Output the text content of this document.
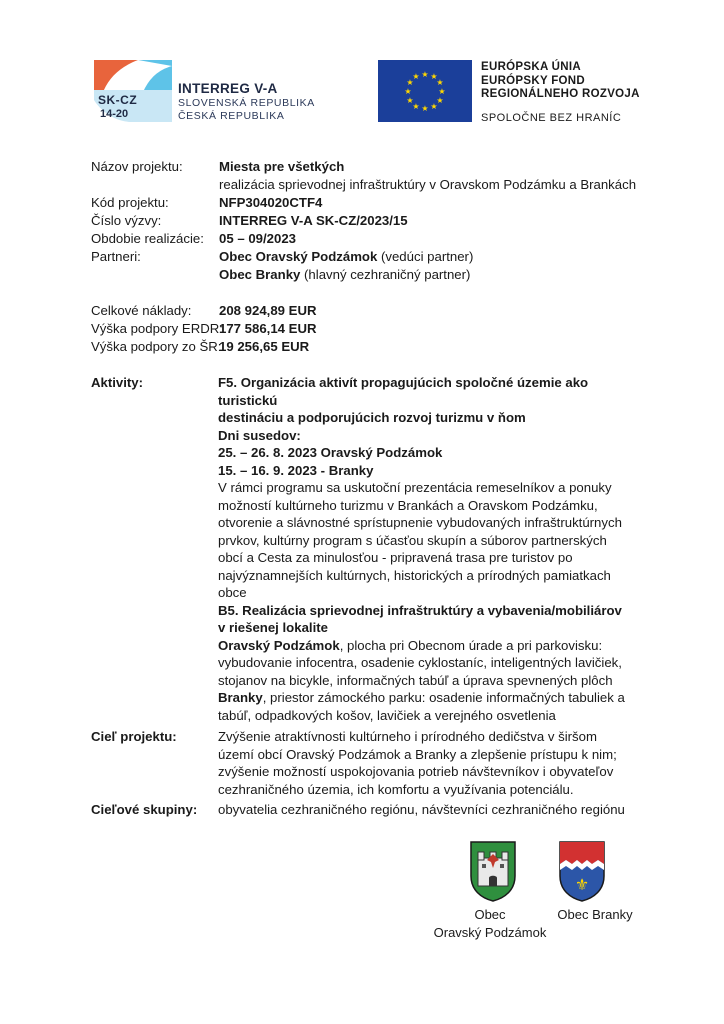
SK-CZ
14-20
INTERREG V-A
SLOVENSKÁ REPUBLIKA
ČESKÁ REPUBLIKA
★ ★
★
★
★
★
★
★
★
★
★
★
EURÓPSKA ÚNIA
EURÓPSKY FOND
REGIONÁLNEHO ROZVOJA
SPOLOČNE BEZ HRANÍC
Názov projektu:	Miesta pre všetkých
realizácia sprievodnej infraštruktúry v Oravskom Podzámku a Brankách
Kód projektu:	NFP304020CTF4
Číslo výzvy:	INTERREG V-A SK-CZ/2023/15
Obdobie realizácie: 05 – 09/2023
Partneri:	Obec Oravský Podzámok (vedúci partner)
Obec Branky (hlavný cezhraničný partner)
Celkové náklady: 208 924,89 EUR
Výška podpory ERDR:
177 586,14 EUR
Výška podpory zo ŠR:
19 256,65 EUR
Aktivity:	F5. Organizácia aktivít propagujúcich spoločné územie ako turistickú

destináciu a podporujúcich rozvoj turizmu v ňom

Dni susedov:

25. – 26. 8. 2023 Oravský Podzámok

15. – 16. 9. 2023 - Branky

V rámci programu sa uskutoční prezentácia remeselníkov a ponuky

možností kultúrneho turizmu v Brankách a Oravskom Podzámku,

otvorenie a slávnostné sprístupnenie vybudovaných infraštruktúrnych

prvkov, kultúrny program s účasťou skupín a súborov partnerských

obcí a Cesta za minulosťou - pripravená trasa pre turistov po

najvýznamnejších kultúrnych, historických a prírodných pamiatkach

obce

B5. Realizácia sprievodnej infraštruktúry a vybavenia/mobiliárov

v riešenej lokalite

Oravský Podzámok, plocha pri Obecnom úrade a pri parkovisku:

vybudovanie infocentra, osadenie cyklostaníc, inteligentných lavičiek,

stojanov na bicykle, informačných tabúľ a úprava spevnených plôch

Branky, priestor zámockého parku: osadenie informačných tabuliek a

tabúľ, odpadkových košov, lavičiek a verejného osvetlenia

Cieľ projektu:	Zvýšenie atraktívnosti kultúrneho i prírodného dedičstva v širšom

území obcí Oravský Podzámok a Branky a zlepšenie prístupu k nim;

zvýšenie možností uspokojovania potrieb návštevníkov i obyvateľov

cezhraničného územia, ich komfortu a využívania potenciálu.

Cieľové skupiny: obyvatelia cezhraničného regiónu, návštevníci cezhraničného regiónu
⚜
Obec
Oravský Podzámok
Obec Branky
